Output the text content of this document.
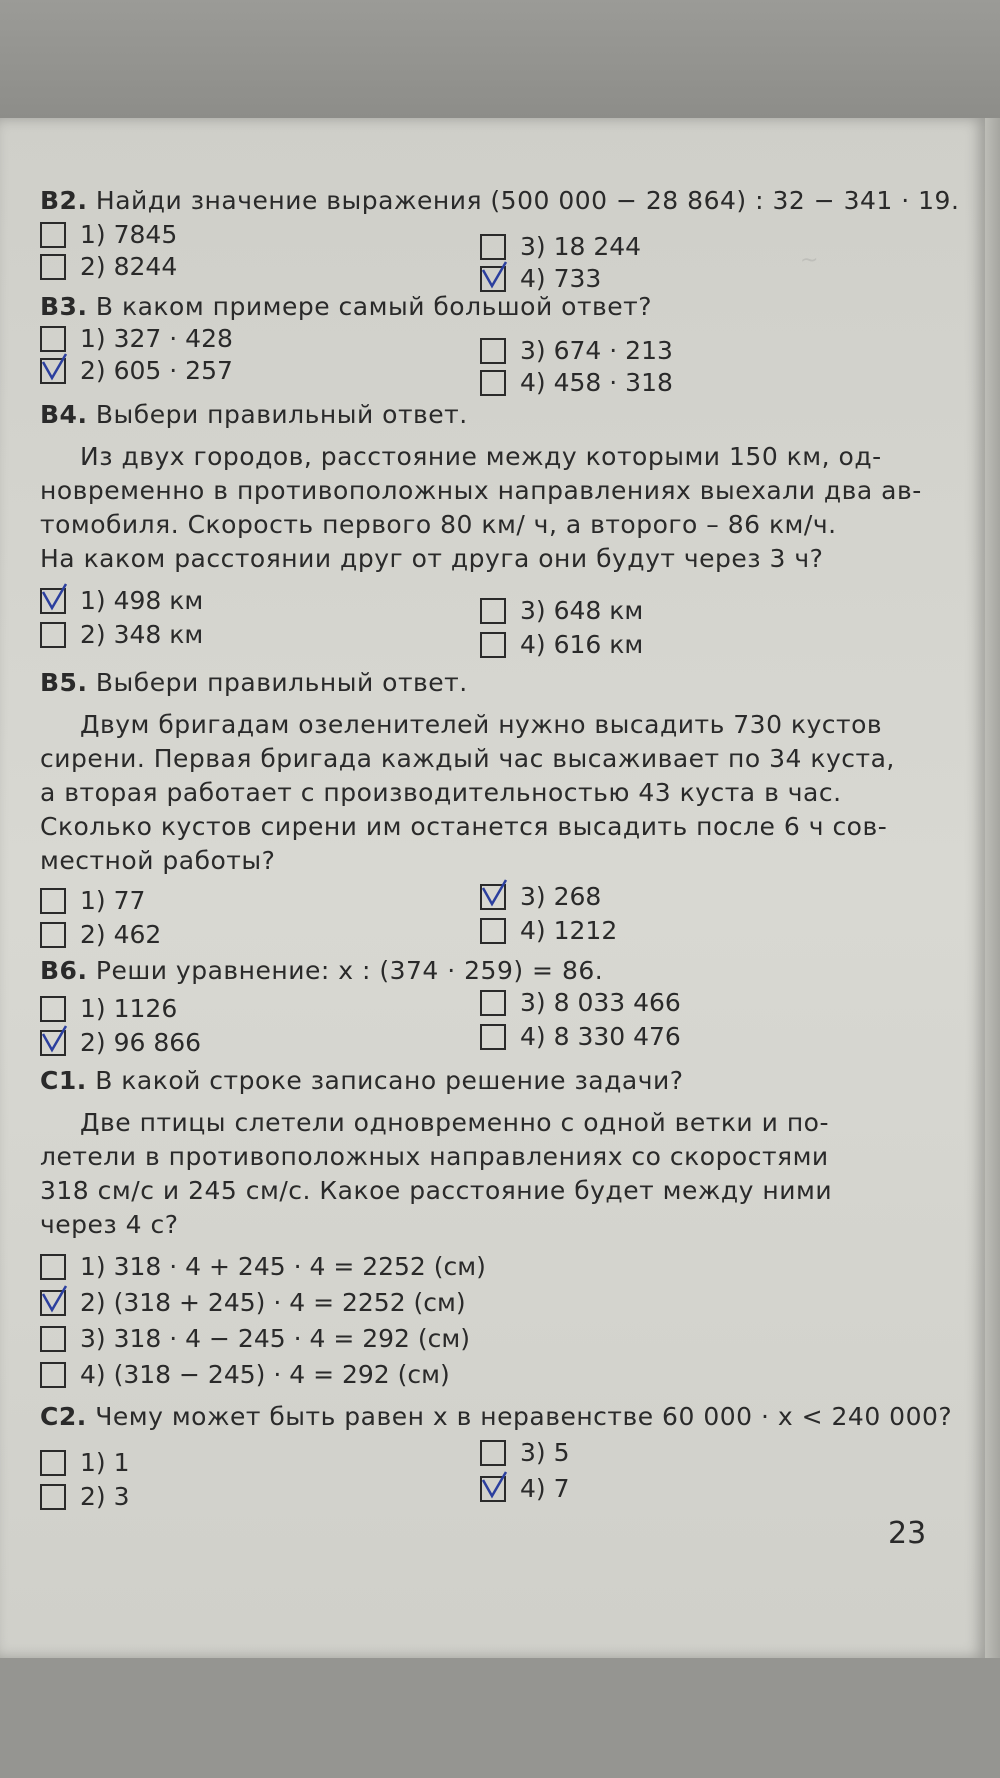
~
B2. Найди значение выражения (500 000 − 28 864) : 32 − 341 · 19.
1) 7845
2) 8244
3) 18 244
4) 733
B3. В каком примере самый большой ответ?
1) 327 · 428
2) 605 · 257
3) 674 · 213
4) 458 · 318
B4. Выбери правильный ответ.
Из двух городов, расстояние между которыми 150 км, од-
новременно в противоположных направлениях выехали два ав-
томобиля. Скорость первого 80 км/ ч, а второго – 86 км/ч.
На каком расстоянии друг от друга они будут через 3 ч?
1) 498 км
2) 348 км
3) 648 км
4) 616 км
B5. Выбери правильный ответ.
Двум бригадам озеленителей нужно высадить 730 кустов
сирени. Первая бригада каждый час высаживает по 34 куста,
а вторая работает с производительностью 43 куста в час.
Сколько кустов сирени им останется высадить после 6 ч сов-
местной работы?
1) 77
2) 462
3) 268
4) 1212
B6. Реши уравнение: x : (374 · 259) = 86.
1) 1126
2) 96 866
3) 8 033 466
4) 8 330 476
C1. В какой строке записано решение задачи?
Две птицы слетели одновременно с одной ветки и по-
летели в противоположных направлениях со скоростями
318 см/с и 245 см/с. Какое расстояние будет между ними
через 4 с?
1) 318 · 4 + 245 · 4 = 2252 (см)
2) (318 + 245) · 4 = 2252 (см)
3) 318 · 4 − 245 · 4 = 292 (см)
4) (318 − 245) · 4 = 292 (см)
C2. Чему может быть равен x в неравенстве 60 000 · x < 240 000?
1) 1
2) 3
3) 5
4) 7
23
